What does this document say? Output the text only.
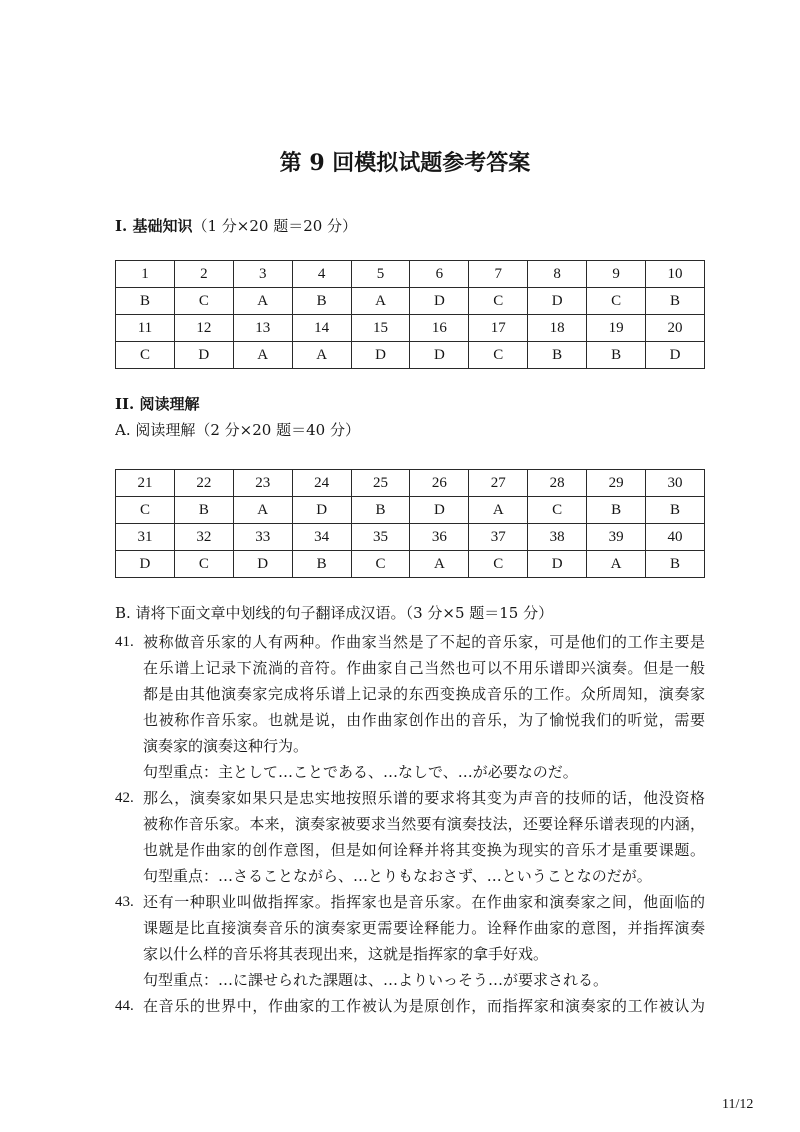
第 9 回模拟试题参考答案
I. 基础知识（1 分×20 题＝20 分）
1	2	3	4	5	6	7	8	9	10
B	C	A	B	A	D	C	D	C	B
11	12	13	14	15	16	17	18	19	20
C	D	A	A	D	D	C	B	B	D
II. 阅读理解
A. 阅读理解（2 分×20 题＝40 分）
21	22	23	24	25	26	27	28	29	30
C	B	A	D	B	D	A	C	B	B
31	32	33	34	35	36	37	38	39	40
D	C	D	B	C	A	C	D	A	B
B. 请将下面文章中划线的句子翻译成汉语。（3 分×5 题＝15 分）
41. 被称做音乐家的人有两种。作曲家当然是了不起的音乐家，可是他们的工作主要是
在乐谱上记录下流淌的音符。作曲家自己当然也可以不用乐谱即兴演奏。但是一般
都是由其他演奏家完成将乐谱上记录的东西变换成音乐的工作。众所周知，演奏家
也被称作音乐家。也就是说，由作曲家创作出的音乐，为了愉悦我们的听觉，需要
演奏家的演奏这种行为。
句型重点：主として…ことである、…なしで、…が必要なのだ。
42. 那么，演奏家如果只是忠实地按照乐谱的要求将其变为声音的技师的话，他没资格
被称作音乐家。本来，演奏家被要求当然要有演奏技法，还要诠释乐谱表现的内涵，
也就是作曲家的创作意图，但是如何诠释并将其变换为现实的音乐才是重要课题。
句型重点：…さることながら、…とりもなおさず、…ということなのだが。
43. 还有一种职业叫做指挥家。指挥家也是音乐家。在作曲家和演奏家之间，他面临的
课题是比直接演奏音乐的演奏家更需要诠释能力。诠释作曲家的意图，并指挥演奏
家以什么样的音乐将其表现出来，这就是指挥家的拿手好戏。
句型重点：…に課せられた課題は、…よりいっそう…が要求される。
44. 在音乐的世界中，作曲家的工作被认为是原创作，而指挥家和演奏家的工作被认为
11/12
